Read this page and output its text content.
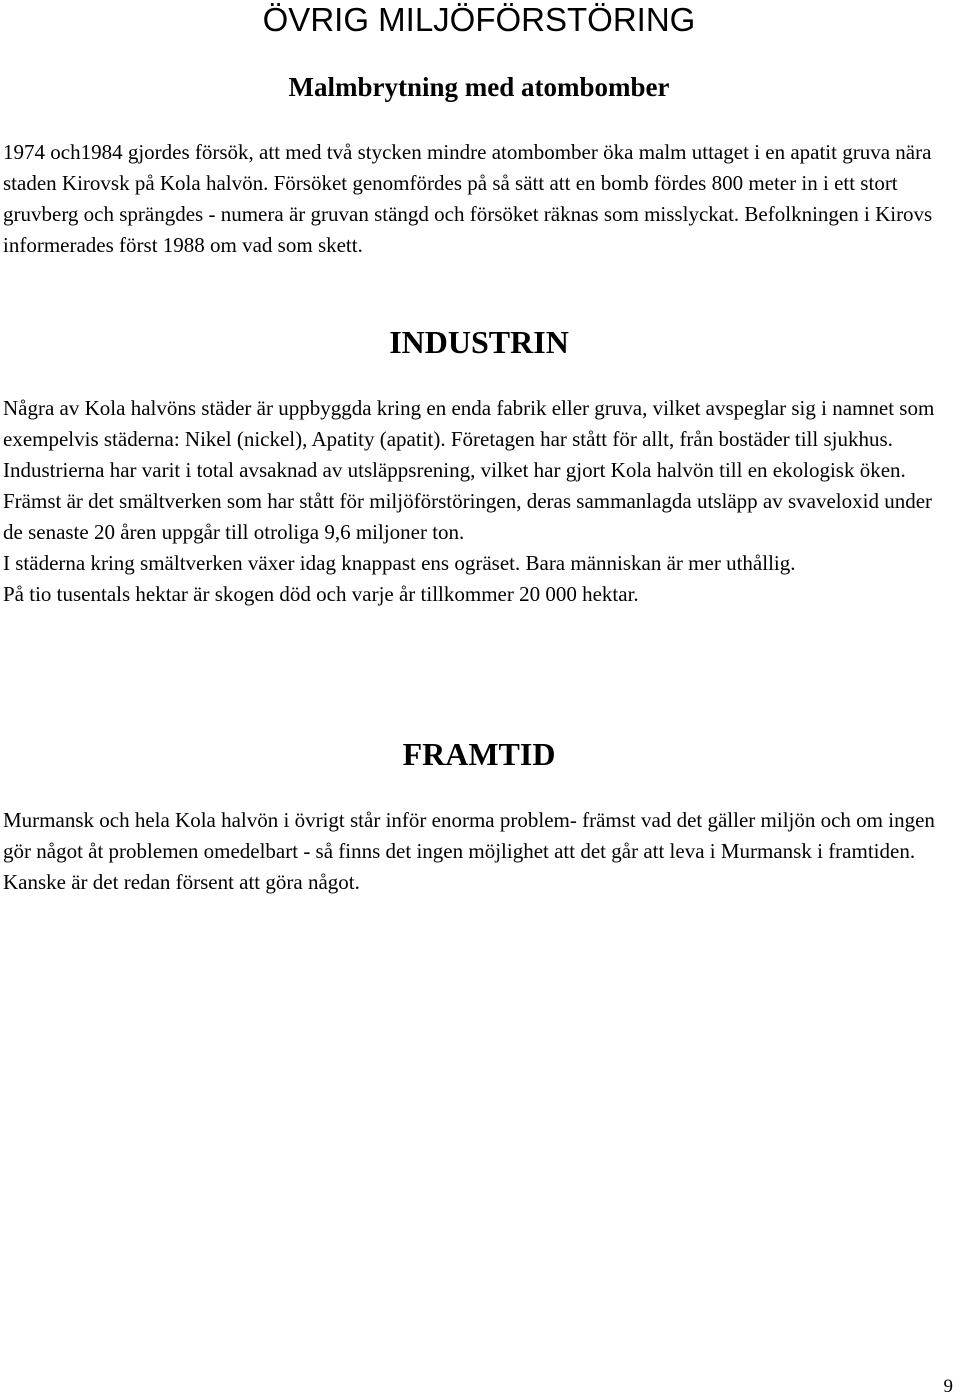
ÖVRIG MILJÖFÖRSTÖRING
Malmbrytning med atombomber

1974 och1984 gjordes försök, att med två stycken mindre atombomber öka malm uttaget i en apatit gruva nära staden Kirovsk på Kola halvön. Försöket genomfördes på så sätt att en bomb fördes 800 meter in i ett stort gruvberg och sprängdes - numera är gruvan stängd och försöket räknas som misslyckat. Befolkningen i Kirovs informerades först 1988 om vad som skett.

INDUSTRIN

Några av Kola halvöns städer är uppbyggda kring en enda fabrik eller gruva, vilket avspeglar sig i namnet som exempelvis städerna: Nikel (nickel), Apatity (apatit). Företagen har stått för allt, från bostäder till sjukhus.

Industrierna har varit i total avsaknad av utsläppsrening, vilket har gjort Kola halvön till en ekologisk öken. Främst är det smältverken som har stått för miljöförstöringen, deras sammanlagda utsläpp av svaveloxid under de senaste 20 åren uppgår till otroliga 9,6 miljoner ton.

I städerna kring smältverken växer idag knappast ens ogräset. Bara människan är mer uthållig.

På tio tusentals hektar är skogen död och varje år tillkommer 20 000 hektar.

FRAMTID

Murmansk och hela Kola halvön i övrigt står inför enorma problem- främst vad det gäller miljön och om ingen gör något åt problemen omedelbart - så finns det ingen möjlighet att det går att leva i Murmansk i framtiden.

Kanske är det redan försent att göra något.

9
